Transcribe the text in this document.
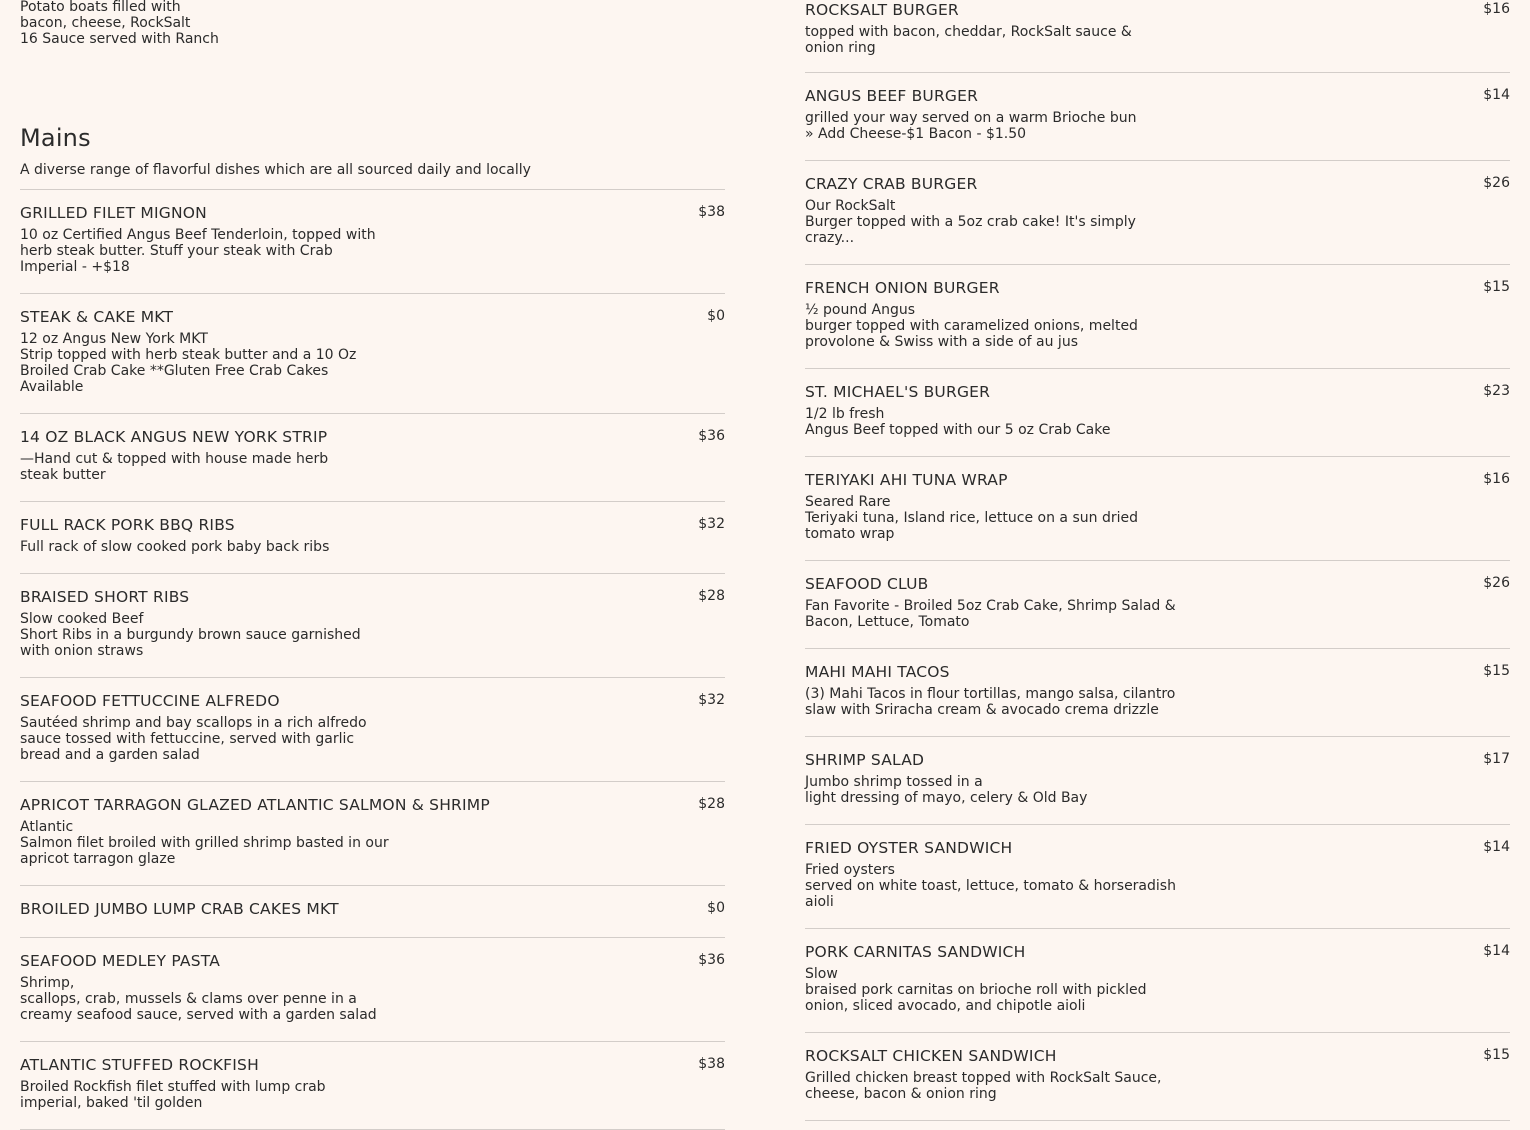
Potato boats filled with
bacon, cheese, RockSalt
16 Sauce served with Ranch

Mains
A diverse range of flavorful dishes which are all sourced daily and locally
GRILLED FILET MIGNON	$38
10 oz Certified Angus Beef Tenderloin, topped with
herb steak butter. Stuff your steak with Crab
Imperial - +$18
STEAK & CAKE MKT	$0
12 oz Angus New York MKT
Strip topped with herb steak butter and a 10 Oz
Broiled Crab Cake **Gluten Free Crab Cakes
Available
14 OZ BLACK ANGUS NEW YORK STRIP	$36
—Hand cut & topped with house made herb
steak butter
FULL RACK PORK BBQ RIBS	$32
Full rack of slow cooked pork baby back ribs
BRAISED SHORT RIBS	$28
Slow cooked Beef
Short Ribs in a burgundy brown sauce garnished
with onion straws
SEAFOOD FETTUCCINE ALFREDO	$32
Sautéed shrimp and bay scallops in a rich alfredo
sauce tossed with fettuccine, served with garlic
bread and a garden salad
APRICOT TARRAGON GLAZED ATLANTIC SALMON & SHRIMP	$28
Atlantic
Salmon filet broiled with grilled shrimp basted in our
apricot tarragon glaze
BROILED JUMBO LUMP CRAB CAKES MKT	$0
SEAFOOD MEDLEY PASTA	$36
Shrimp,
scallops, crab, mussels & clams over penne in a
creamy seafood sauce, served with a garden salad
ATLANTIC STUFFED ROCKFISH	$38
Broiled Rockfish filet stuffed with lump crab
imperial, baked 'til golden
ROCKSALT BURGER	$16
topped with bacon, cheddar, RockSalt sauce &
onion ring
ANGUS BEEF BURGER	$14
grilled your way served on a warm Brioche bun
» Add Cheese-$1 Bacon - $1.50
CRAZY CRAB BURGER	$26
Our RockSalt
Burger topped with a 5oz crab cake! It's simply
crazy...
FRENCH ONION BURGER	$15
½ pound Angus
burger topped with caramelized onions, melted
provolone & Swiss with a side of au jus
ST. MICHAEL'S BURGER	$23
1/2 lb fresh
Angus Beef topped with our 5 oz Crab Cake
TERIYAKI AHI TUNA WRAP	$16
Seared Rare
Teriyaki tuna, Island rice, lettuce on a sun dried
tomato wrap
SEAFOOD CLUB	$26
Fan Favorite - Broiled 5oz Crab Cake, Shrimp Salad &
Bacon, Lettuce, Tomato
MAHI MAHI TACOS	$15
(3) Mahi Tacos in flour tortillas, mango salsa, cilantro
slaw with Sriracha cream & avocado crema drizzle
SHRIMP SALAD	$17
Jumbo shrimp tossed in a
light dressing of mayo, celery & Old Bay
FRIED OYSTER SANDWICH	$14
Fried oysters
served on white toast, lettuce, tomato & horseradish
aioli
PORK CARNITAS SANDWICH	$14
Slow
braised pork carnitas on brioche roll with pickled
onion, sliced avocado, and chipotle aioli
ROCKSALT CHICKEN SANDWICH	$15
Grilled chicken breast topped with RockSalt Sauce,
cheese, bacon & onion ring
